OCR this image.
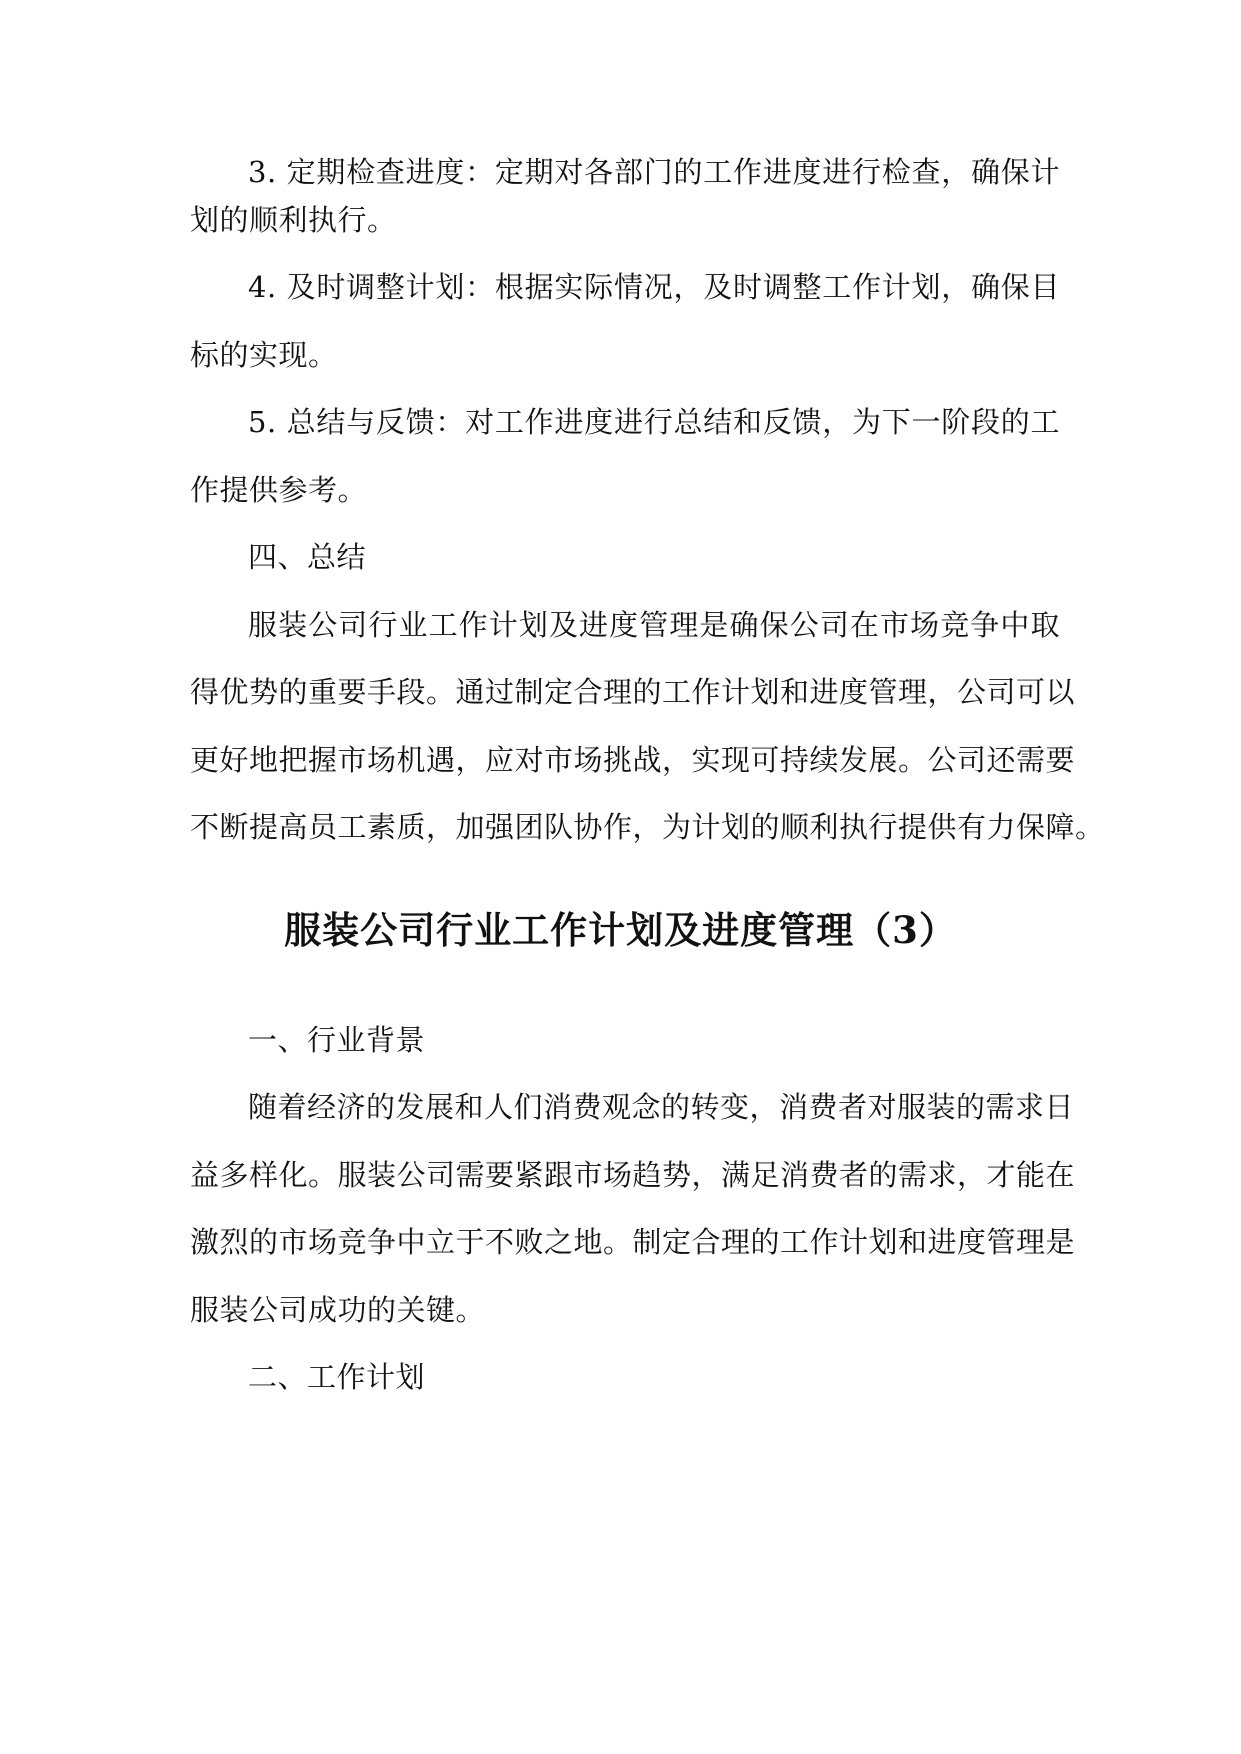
3. 定期检查进度：定期对各部门的工作进度进行检查，确保计
划的顺利执行。
4. 及时调整计划：根据实际情况，及时调整工作计划，确保目
标的实现。
5. 总结与反馈：对工作进度进行总结和反馈，为下一阶段的工
作提供参考。
四、总结
服装公司行业工作计划及进度管理是确保公司在市场竞争中取
得优势的重要手段。通过制定合理的工作计划和进度管理，公司可以
更好地把握市场机遇，应对市场挑战，实现可持续发展。公司还需要
不断提高员工素质，加强团队协作，为计划的顺利执行提供有力保障。
服装公司行业工作计划及进度管理（3）
一、行业背景
随着经济的发展和人们消费观念的转变，消费者对服装的需求日
益多样化。服装公司需要紧跟市场趋势，满足消费者的需求，才能在
激烈的市场竞争中立于不败之地。制定合理的工作计划和进度管理是
服装公司成功的关键。
二、工作计划
